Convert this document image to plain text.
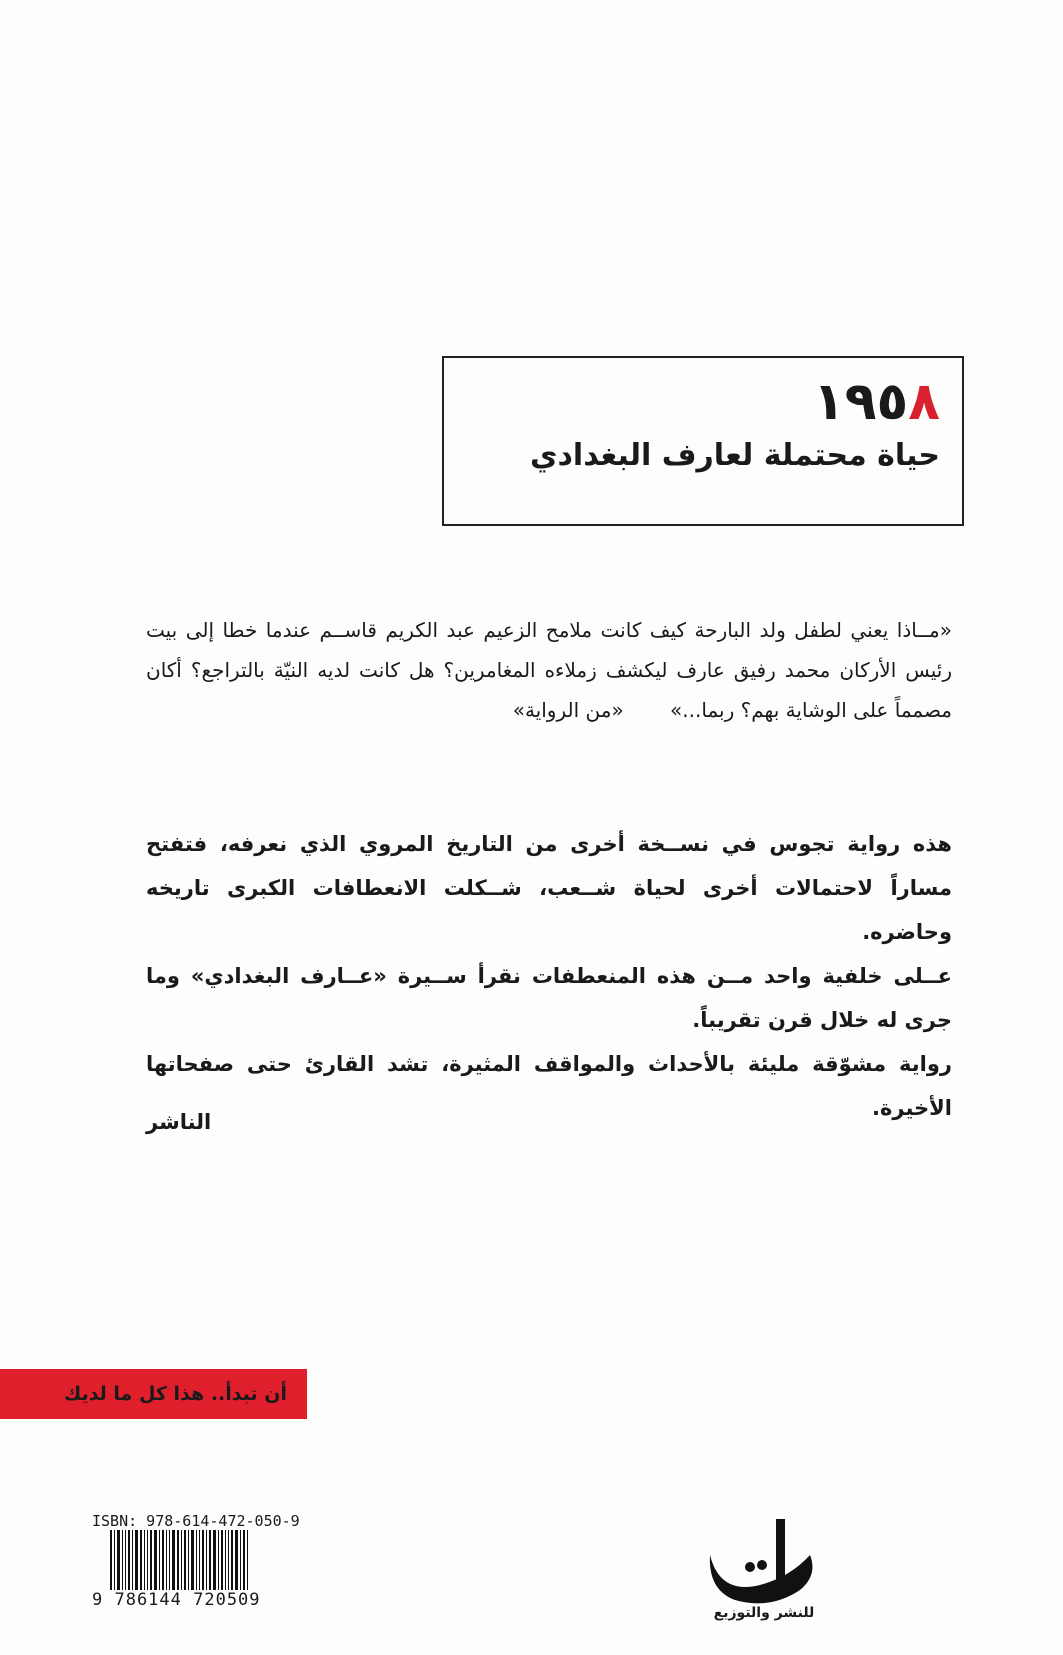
١٩٥٨
حياة محتملة لعارف البغدادي
«مــاذا يعني لطفل ولد البارحة كيف كانت ملامح الزعيم عبد الكريم قاســم عندما خطا إلى بيت رئيس الأركان محمد رفيق عارف ليكشف زملاءه المغامرين؟ هل كانت لديه النيّة بالتراجع؟ أكان مصمماً على الوشاية بهم؟ ربما...» «من الرواية»

هذه رواية تجوس في نســخة أخرى من التاريخ المروي الذي نعرفه، فتفتح مساراً لاحتمالات أخرى لحياة شــعب، شــكلت الانعطافات الكبرى تاريخه وحاضره.

عــلى خلفية واحد مــن هذه المنعطفات نقرأ ســيرة «عــارف البغدادي» وما جرى له خلال قرن تقريباً.

رواية مشوّقة مليئة بالأحداث والمواقف المثيرة، تشد القارئ حتى صفحاتها الأخيرة.

الناشر
أن تبدأ.. هذا كل ما لديك
ISBN: 978-614-472-050-9
9 786144 720509
للنشر والتوزيع
